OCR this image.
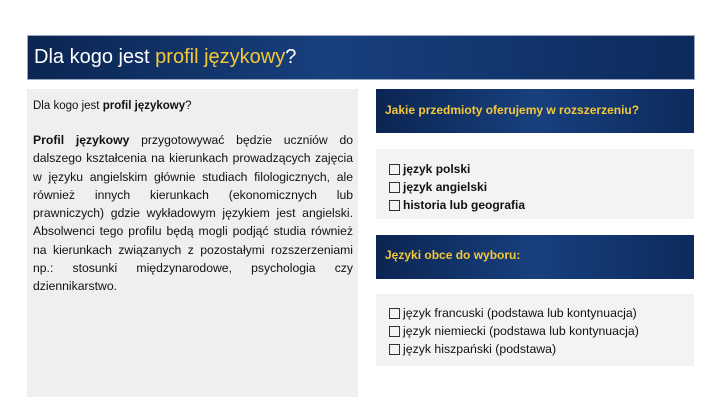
Dla kogo jest profil językowy?
Dla kogo jest profil językowy?
Profil językowy przygotowywać będzie uczniów do dalszego kształcenia na kierunkach prowadzących zajęcia w języku angielskim głównie studiach filologicznych, ale również innych kierunkach (ekonomicznych lub prawniczych) gdzie wykładowym językiem jest angielski. Absolwenci tego profilu będą mogli podjąć studia również na kierunkach związanych z pozostałymi rozszerzeniami np.: stosunki międzynarodowe, psychologia czy dziennikarstwo.
Jakie przedmioty oferujemy w rozszerzeniu?
język polski
język angielski
historia lub geografia
Języki obce do wyboru:
język francuski (podstawa lub kontynuacja)
język niemiecki (podstawa lub kontynuacja)
język hiszpański (podstawa)
